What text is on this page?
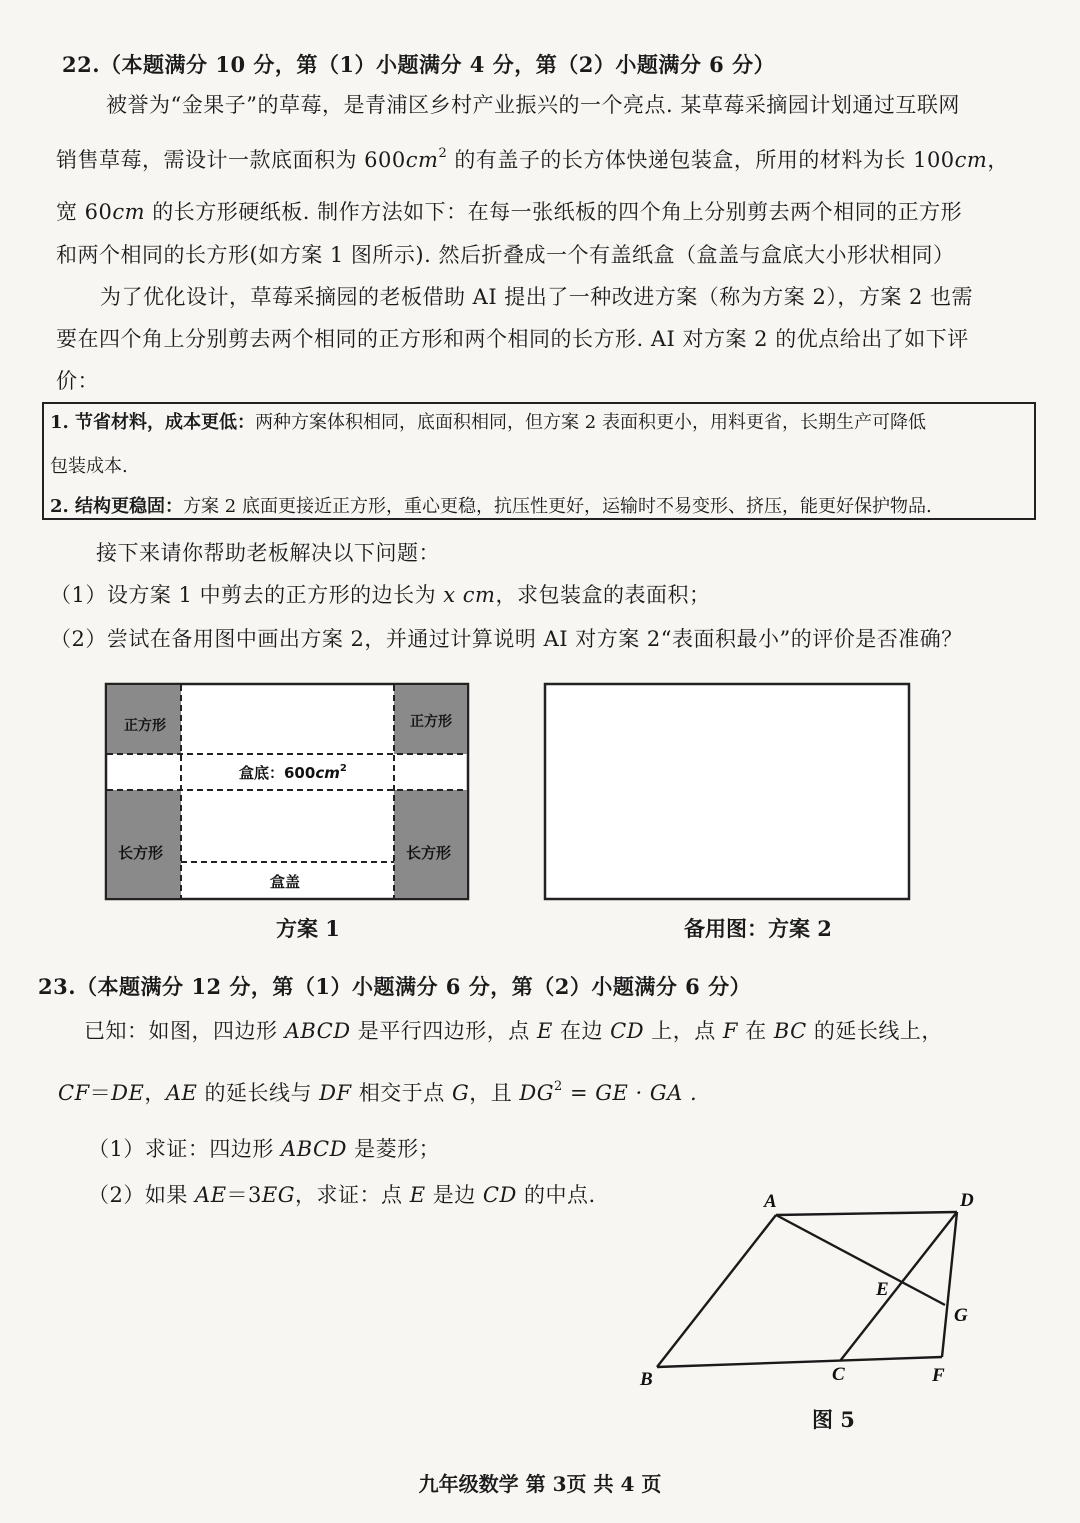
22.（本题满分 10 分，第（1）小题满分 4 分，第（2）小题满分 6 分）
被誉为“金果子”的草莓，是青浦区乡村产业振兴的一个亮点. 某草莓采摘园计划通过互联网
销售草莓，需设计一款底面积为 $600cm^2$ 的有盖子的长方体快递包装盒，所用的材料为长 100cm，
宽 60cm 的长方形硬纸板. 制作方法如下：在每一张纸板的四个角上分别剪去两个相同的正方形
和两个相同的长方形(如方案 1 图所示). 然后折叠成一个有盖纸盒（盒盖与盒底大小形状相同）
为了优化设计，草莓采摘园的老板借助 AI 提出了一种改进方案（称为方案 2），方案 2 也需
要在四个角上分别剪去两个相同的正方形和两个相同的长方形. AI 对方案 2 的优点给出了如下评
价：
1. 节省材料，成本更低：两种方案体积相同，底面积相同，但方案 2 表面积更小，用料更省，长期生产可降低
包装成本.
2. 结构更稳固：方案 2 底面更接近正方形，重心更稳，抗压性更好，运输时不易变形、挤压，能更好保护物品.
接下来请你帮助老板解决以下问题：
（1）设方案 1 中剪去的正方形的边长为 x cm，求包装盒的表面积；
（2）尝试在备用图中画出方案 2，并通过计算说明 AI 对方案 2“表面积最小”的评价是否准确？
正方形	正方形
盒底：$600cm^2$
长方形	长方形
盒盖
方案 1	备用图：方案 2
23.（本题满分 12 分，第（1）小题满分 6 分，第（2）小题满分 6 分）
已知：如图，四边形 ABCD 是平行四边形，点 E 在边 CD 上，点 F 在 BC 的延长线上，
CF＝DE，AE 的延长线与 DF 相交于点 G，且 $DG^2$ = GE · GA .
（1）求证：四边形 ABCD 是菱形；
（2）如果 AE＝3EG，求证：点 E 是边 CD 的中点.	A	D
E
G
B	C	F
图 5
九年级数学 第 3页 共 4 页
